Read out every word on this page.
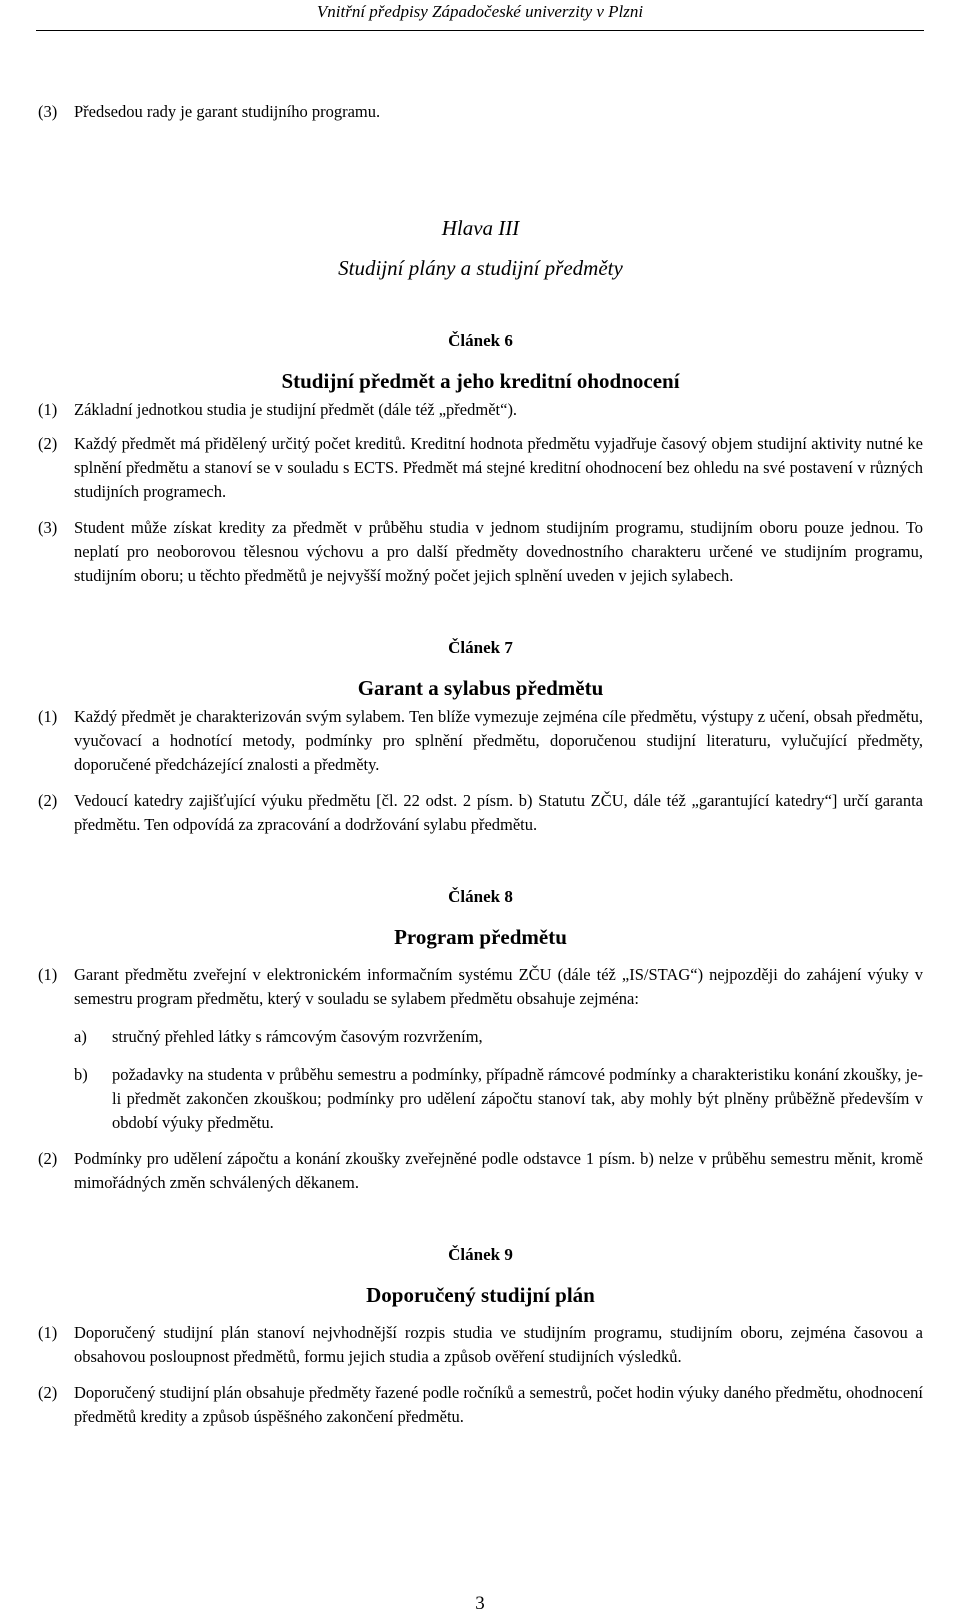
Vnitřní předpisy Západočeské univerzity v Plzni

(3) Předsedou rady je garant studijního programu.

Hlava III

Studijní plány a studijní předměty

Článek 6

Studijní předmět a jeho kreditní ohodnocení

(1) Základní jednotkou studia je studijní předmět (dále též „předmět“).

(2) Každý předmět má přidělený určitý počet kreditů. Kreditní hodnota předmětu vyjadřuje časový objem studijní aktivity nutné ke splnění předmětu a stanoví se v souladu s ECTS. Předmět má stejné kreditní ohodnocení bez ohledu na své postavení v různých studijních programech.

(3) Student může získat kredity za předmět v průběhu studia v jednom studijním programu, studijním oboru pouze jednou. To neplatí pro neoborovou tělesnou výchovu a pro další předměty dovednostního charakteru určené ve studijním programu, studijním oboru; u těchto předmětů je nejvyšší možný počet jejich splnění uveden v jejich sylabech.

Článek 7

Garant a sylabus předmětu

(1) Každý předmět je charakterizován svým sylabem. Ten blíže vymezuje zejména cíle předmětu, výstupy z učení, obsah předmětu, vyučovací a hodnotící metody, podmínky pro splnění předmětu, doporučenou studijní literaturu, vylučující předměty, doporučené předcházející znalosti a předměty.

(2) Vedoucí katedry zajišťující výuku předmětu [čl. 22 odst. 2 písm. b) Statutu ZČU, dále též „garantující katedry“] určí garanta předmětu. Ten odpovídá za zpracování a dodržování sylabu předmětu.

Článek 8

Program předmětu

(1) Garant předmětu zveřejní v elektronickém informačním systému ZČU (dále též „IS/STAG“) nejpozději do zahájení výuky v semestru program předmětu, který v souladu se sylabem předmětu obsahuje zejména:

a) stručný přehled látky s rámcovým časovým rozvržením,

b) požadavky na studenta v průběhu semestru a podmínky, případně rámcové podmínky a charakteristiku konání zkoušky, je-li předmět zakončen zkouškou; podmínky pro udělení zápočtu stanoví tak, aby mohly být plněny průběžně především v období výuky předmětu.

(2) Podmínky pro udělení zápočtu a konání zkoušky zveřejněné podle odstavce 1 písm. b) nelze v průběhu semestru měnit, kromě mimořádných změn schválených děkanem.

Článek 9

Doporučený studijní plán

(1) Doporučený studijní plán stanoví nejvhodnější rozpis studia ve studijním programu, studijním oboru, zejména časovou a obsahovou posloupnost předmětů, formu jejich studia a způsob ověření studijních výsledků.

(2) Doporučený studijní plán obsahuje předměty řazené podle ročníků a semestrů, počet hodin výuky daného předmětu, ohodnocení předmětů kredity a způsob úspěšného zakončení předmětu.

3
